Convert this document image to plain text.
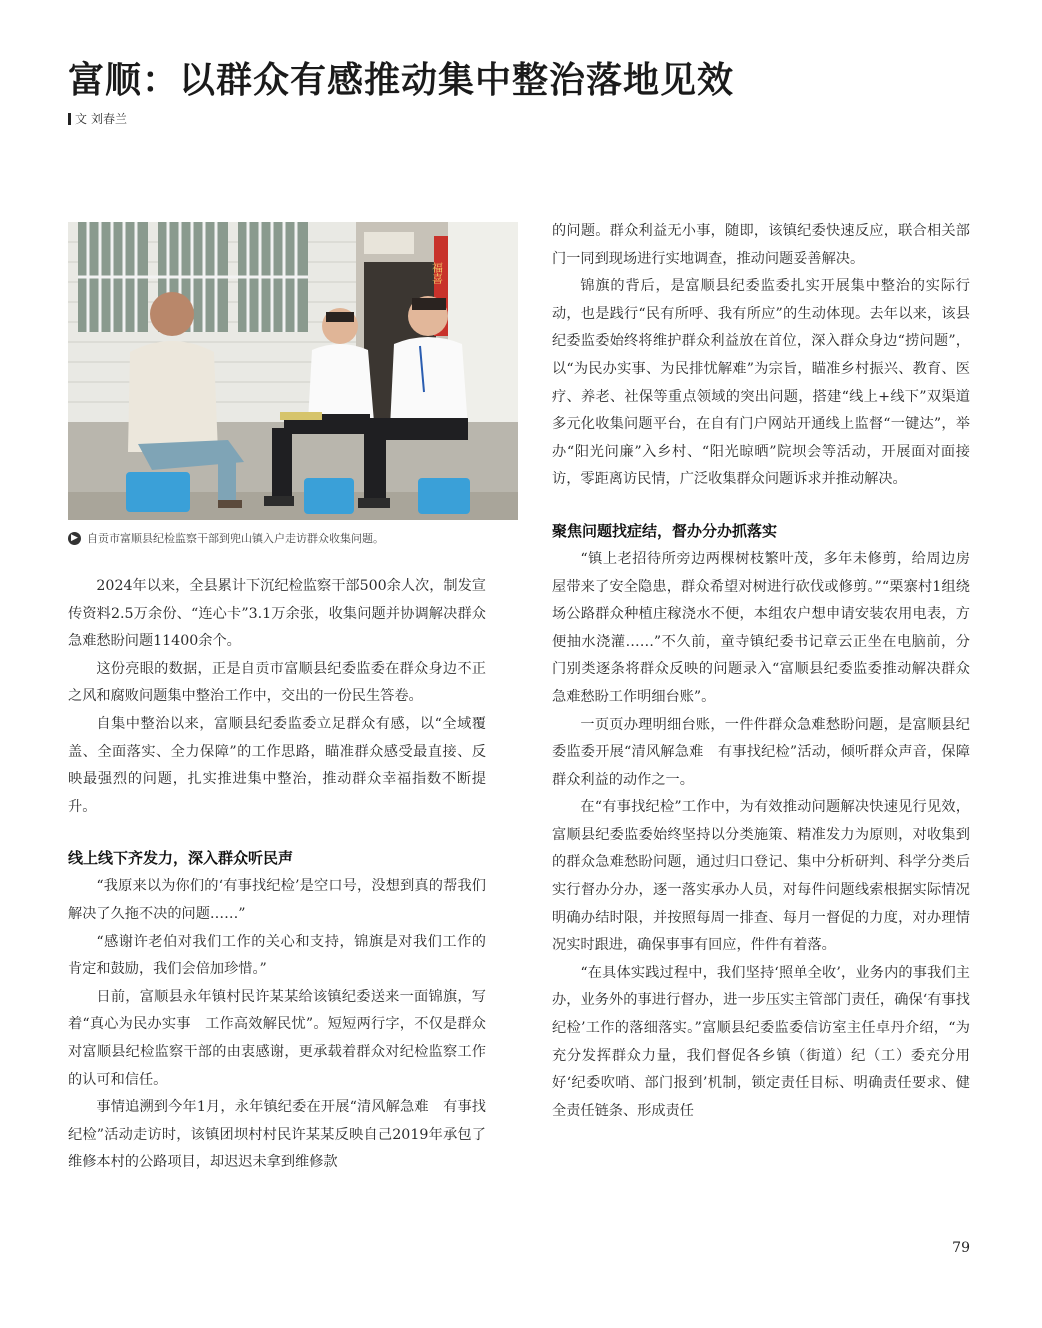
富顺：以群众有感推动集中整治落地见效
文 刘春兰
福喜
▶ 自贡市富顺县纪检监察干部到兜山镇入户走访群众收集问题。

2024年以来，全县累计下沉纪检监察干部500余人次，制发宣传资料2.5万余份、“连心卡”3.1万余张，收集问题并协调解决群众急难愁盼问题11400余个。

这份亮眼的数据，正是自贡市富顺县纪委监委在群众身边不正之风和腐败问题集中整治工作中，交出的一份民生答卷。

自集中整治以来，富顺县纪委监委立足群众有感，以“全域覆盖、全面落实、全力保障”的工作思路，瞄准群众感受最直接、反映最强烈的问题，扎实推进集中整治，推动群众幸福指数不断提升。

线上线下齐发力，深入群众听民声

“我原来以为你们的‘有事找纪检’是空口号，没想到真的帮我们解决了久拖不决的问题……”

“感谢许老伯对我们工作的关心和支持，锦旗是对我们工作的肯定和鼓励，我们会倍加珍惜。”

日前，富顺县永年镇村民许某某给该镇纪委送来一面锦旗，写着“真心为民办实事　工作高效解民忧”。短短两行字，不仅是群众对富顺县纪检监察干部的由衷感谢，更承载着群众对纪检监察工作的认可和信任。

事情追溯到今年1月，永年镇纪委在开展“清风解急难　有事找纪检”活动走访时，该镇团坝村村民许某某反映自己2019年承包了维修本村的公路项目，却迟迟未拿到维修款

的问题。群众利益无小事，随即，该镇纪委快速反应，联合相关部门一同到现场进行实地调查，推动问题妥善解决。

锦旗的背后，是富顺县纪委监委扎实开展集中整治的实际行动，也是践行“民有所呼、我有所应”的生动体现。去年以来，该县纪委监委始终将维护群众利益放在首位，深入群众身边“捞问题”，以“为民办实事、为民排忧解难”为宗旨，瞄准乡村振兴、教育、医疗、养老、社保等重点领域的突出问题，搭建“线上+线下”双渠道多元化收集问题平台，在自有门户网站开通线上监督“一键达”，举办“阳光问廉”入乡村、“阳光晾晒”院坝会等活动，开展面对面接访，零距离访民情，广泛收集群众问题诉求并推动解决。

聚焦问题找症结，督办分办抓落实

“镇上老招待所旁边两棵树枝繁叶茂，多年未修剪，给周边房屋带来了安全隐患，群众希望对树进行砍伐或修剪。”“栗寨村1组绕场公路群众种植庄稼浇水不便，本组农户想申请安装农用电表，方便抽水浇灌……”不久前，童寺镇纪委书记章云正坐在电脑前，分门别类逐条将群众反映的问题录入“富顺县纪委监委推动解决群众急难愁盼工作明细台账”。

一页页办理明细台账，一件件群众急难愁盼问题，是富顺县纪委监委开展“清风解急难　有事找纪检”活动，倾听群众声音，保障群众利益的动作之一。

在“有事找纪检”工作中，为有效推动问题解决快速见行见效，富顺县纪委监委始终坚持以分类施策、精准发力为原则，对收集到的群众急难愁盼问题，通过归口登记、集中分析研判、科学分类后实行督办分办，逐一落实承办人员，对每件问题线索根据实际情况明确办结时限，并按照每周一排查、每月一督促的力度，对办理情况实时跟进，确保事事有回应，件件有着落。

“在具体实践过程中，我们坚持‘照单全收’，业务内的事我们主办，业务外的事进行督办，进一步压实主管部门责任，确保‘有事找纪检’工作的落细落实。”富顺县纪委监委信访室主任卓丹介绍，“为充分发挥群众力量，我们督促各乡镇（街道）纪（工）委充分用好‘纪委吹哨、部门报到’机制，锁定责任目标、明确责任要求、健全责任链条、形成责任

79
